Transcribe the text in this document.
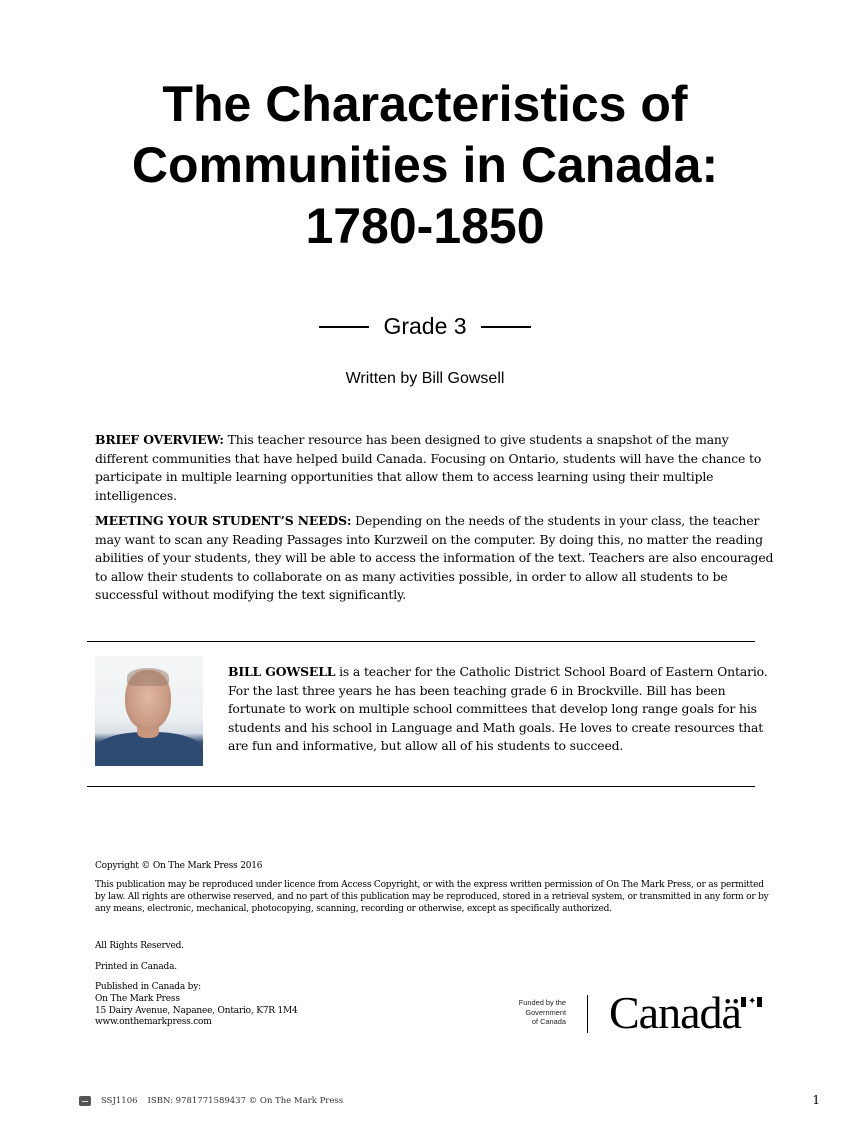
The Characteristics of
Communities in Canada:
1780-1850
Grade 3
Written by Bill Gowsell

BRIEF OVERVIEW: This teacher resource has been designed to give students a snapshot of the many different communities that have helped build Canada. Focusing on Ontario, students will have the chance to participate in multiple learning opportunities that allow them to access learning using their multiple intelligences.

MEETING YOUR STUDENT’S NEEDS: Depending on the needs of the students in your class, the teacher may want to scan any Reading Passages into Kurzweil on the computer. By doing this, no matter the reading abilities of your students, they will be able to access the information of the text. Teachers are also encouraged to allow their students to collaborate on as many activities possible, in order to allow all students to be successful without modifying the text significantly.

BILL GOWSELL is a teacher for the Catholic District School Board of Eastern Ontario. For the last three years he has been teaching grade 6 in Brockville. Bill has been fortunate to work on multiple school committees that develop long range goals for his students and his school in Language and Math goals. He loves to create resources that are fun and informative, but allow all of his students to succeed.

Copyright © On The Mark Press 2016

This publication may be reproduced under licence from Access Copyright, or with the express written permission of On The Mark Press, or as permitted by law. All rights are otherwise reserved, and no part of this publication may be reproduced, stored in a retrieval system, or transmitted in any form or by any means, electronic, mechanical, photocopying, scanning, recording or otherwise, except as specifically authorized.

All Rights Reserved.

Printed in Canada.

Published in Canada by:
On The Mark Press
15 Dairy Avenue, Napanee, Ontario, K7R 1M4
www.onthemarkpress.com
Funded by the
Government
of Canada Canadä ✦
SSJ1106 ISBN: 9781771589437 © On The Mark Press	1
